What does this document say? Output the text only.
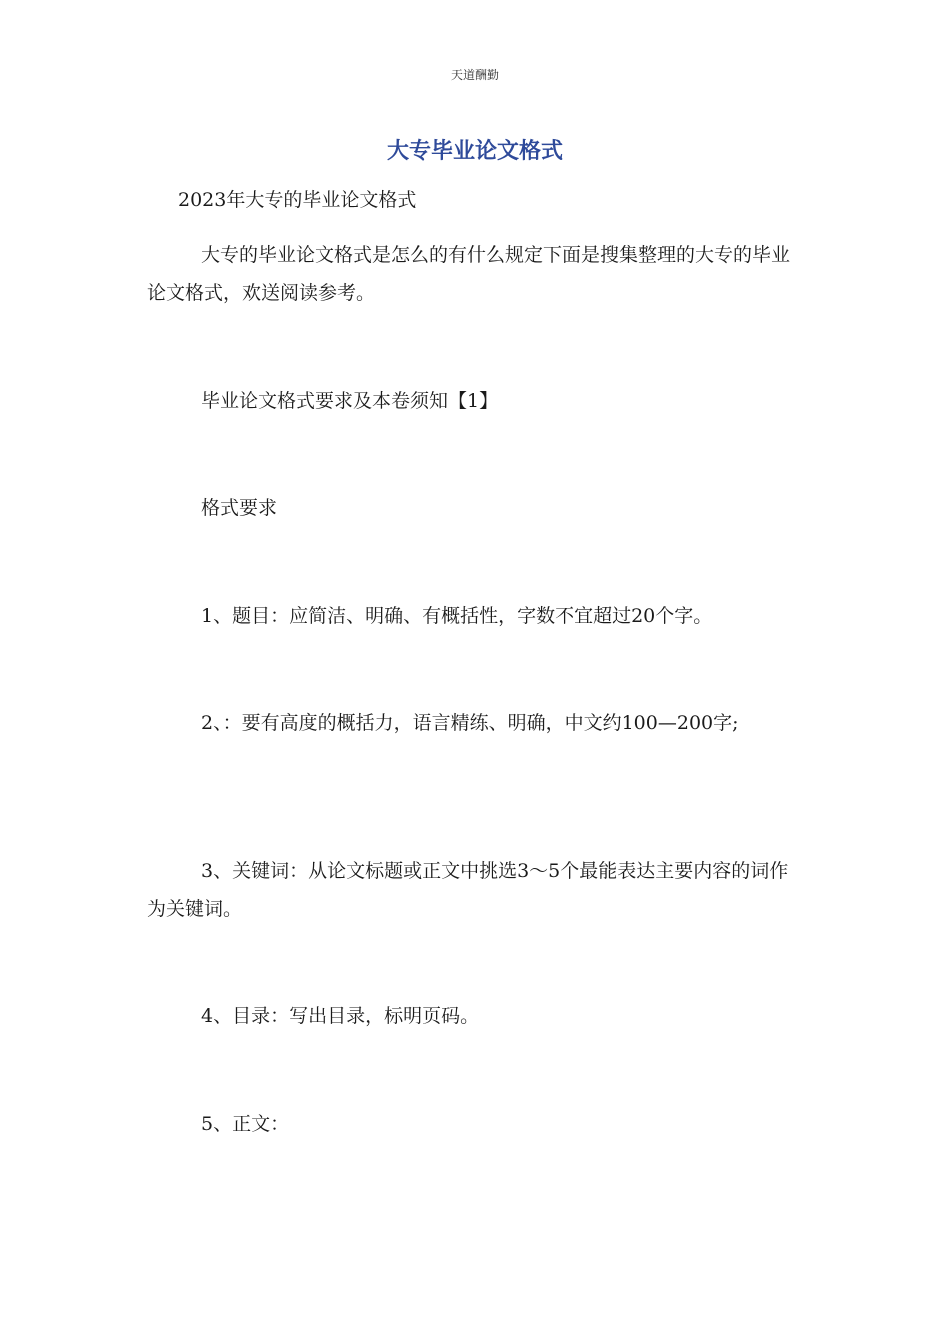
天道酬勤
大专毕业论文格式

2023年大专的毕业论文格式

大专的毕业论文格式是怎么的有什么规定下面是搜集整理的大专的毕业论文格式，欢送阅读参考。

毕业论文格式要求及本卷须知【1】

格式要求

1、题目：应简洁、明确、有概括性，字数不宜超过20个字。

2、：要有高度的概括力，语言精练、明确，中文约100—200字;

3、关键词：从论文标题或正文中挑选3～5个最能表达主要内容的词作为关键词。

4、目录：写出目录，标明页码。

5、正文：
